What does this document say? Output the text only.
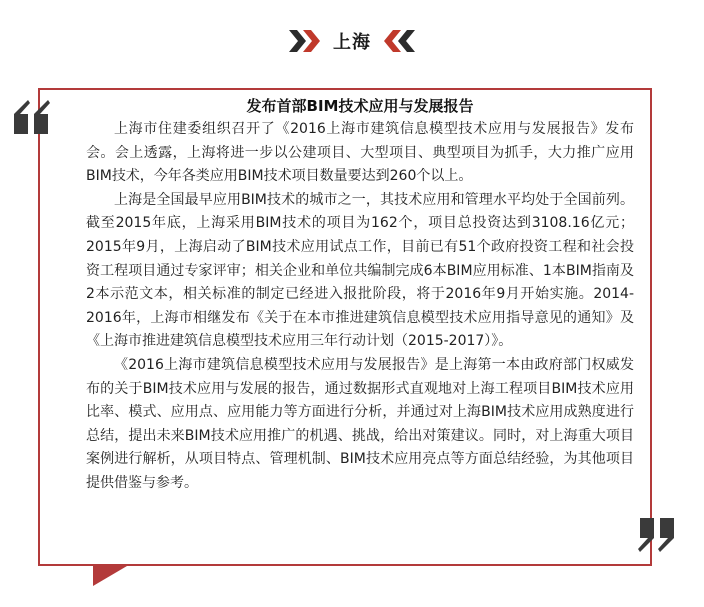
上海
发布首部BIM技术应用与发展报告

上海市住建委组织召开了《2016上海市建筑信息模型技术应用与发展报告》发布会。会上透露，上海将进一步以公建项目、大型项目、典型项目为抓手，大力推广应用BIM技术，今年各类应用BIM技术项目数量要达到260个以上。

上海是全国最早应用BIM技术的城市之一，其技术应用和管理水平均处于全国前列。截至2015年底，上海采用BIM技术的项目为162个，项目总投资达到3108.16亿元；2015年9月，上海启动了BIM技术应用试点工作，目前已有51个政府投资工程和社会投资工程项目通过专家评审；相关企业和单位共编制完成6本BIM应用标准、1本BIM指南及2本示范文本，相关标准的制定已经进入报批阶段，将于2016年9月开始实施。2014-2016年，上海市相继发布《关于在本市推进建筑信息模型技术应用指导意见的通知》及《上海市推进建筑信息模型技术应用三年行动计划（2015-2017）》。

《2016上海市建筑信息模型技术应用与发展报告》是上海第一本由政府部门权威发布的关于BIM技术应用与发展的报告，通过数据形式直观地对上海工程项目BIM技术应用比率、模式、应用点、应用能力等方面进行分析，并通过对上海BIM技术应用成熟度进行总结，提出未来BIM技术应用推广的机遇、挑战，给出对策建议。同时，对上海重大项目案例进行解析，从项目特点、管理机制、BIM技术应用亮点等方面总结经验，为其他项目提供借鉴与参考。
